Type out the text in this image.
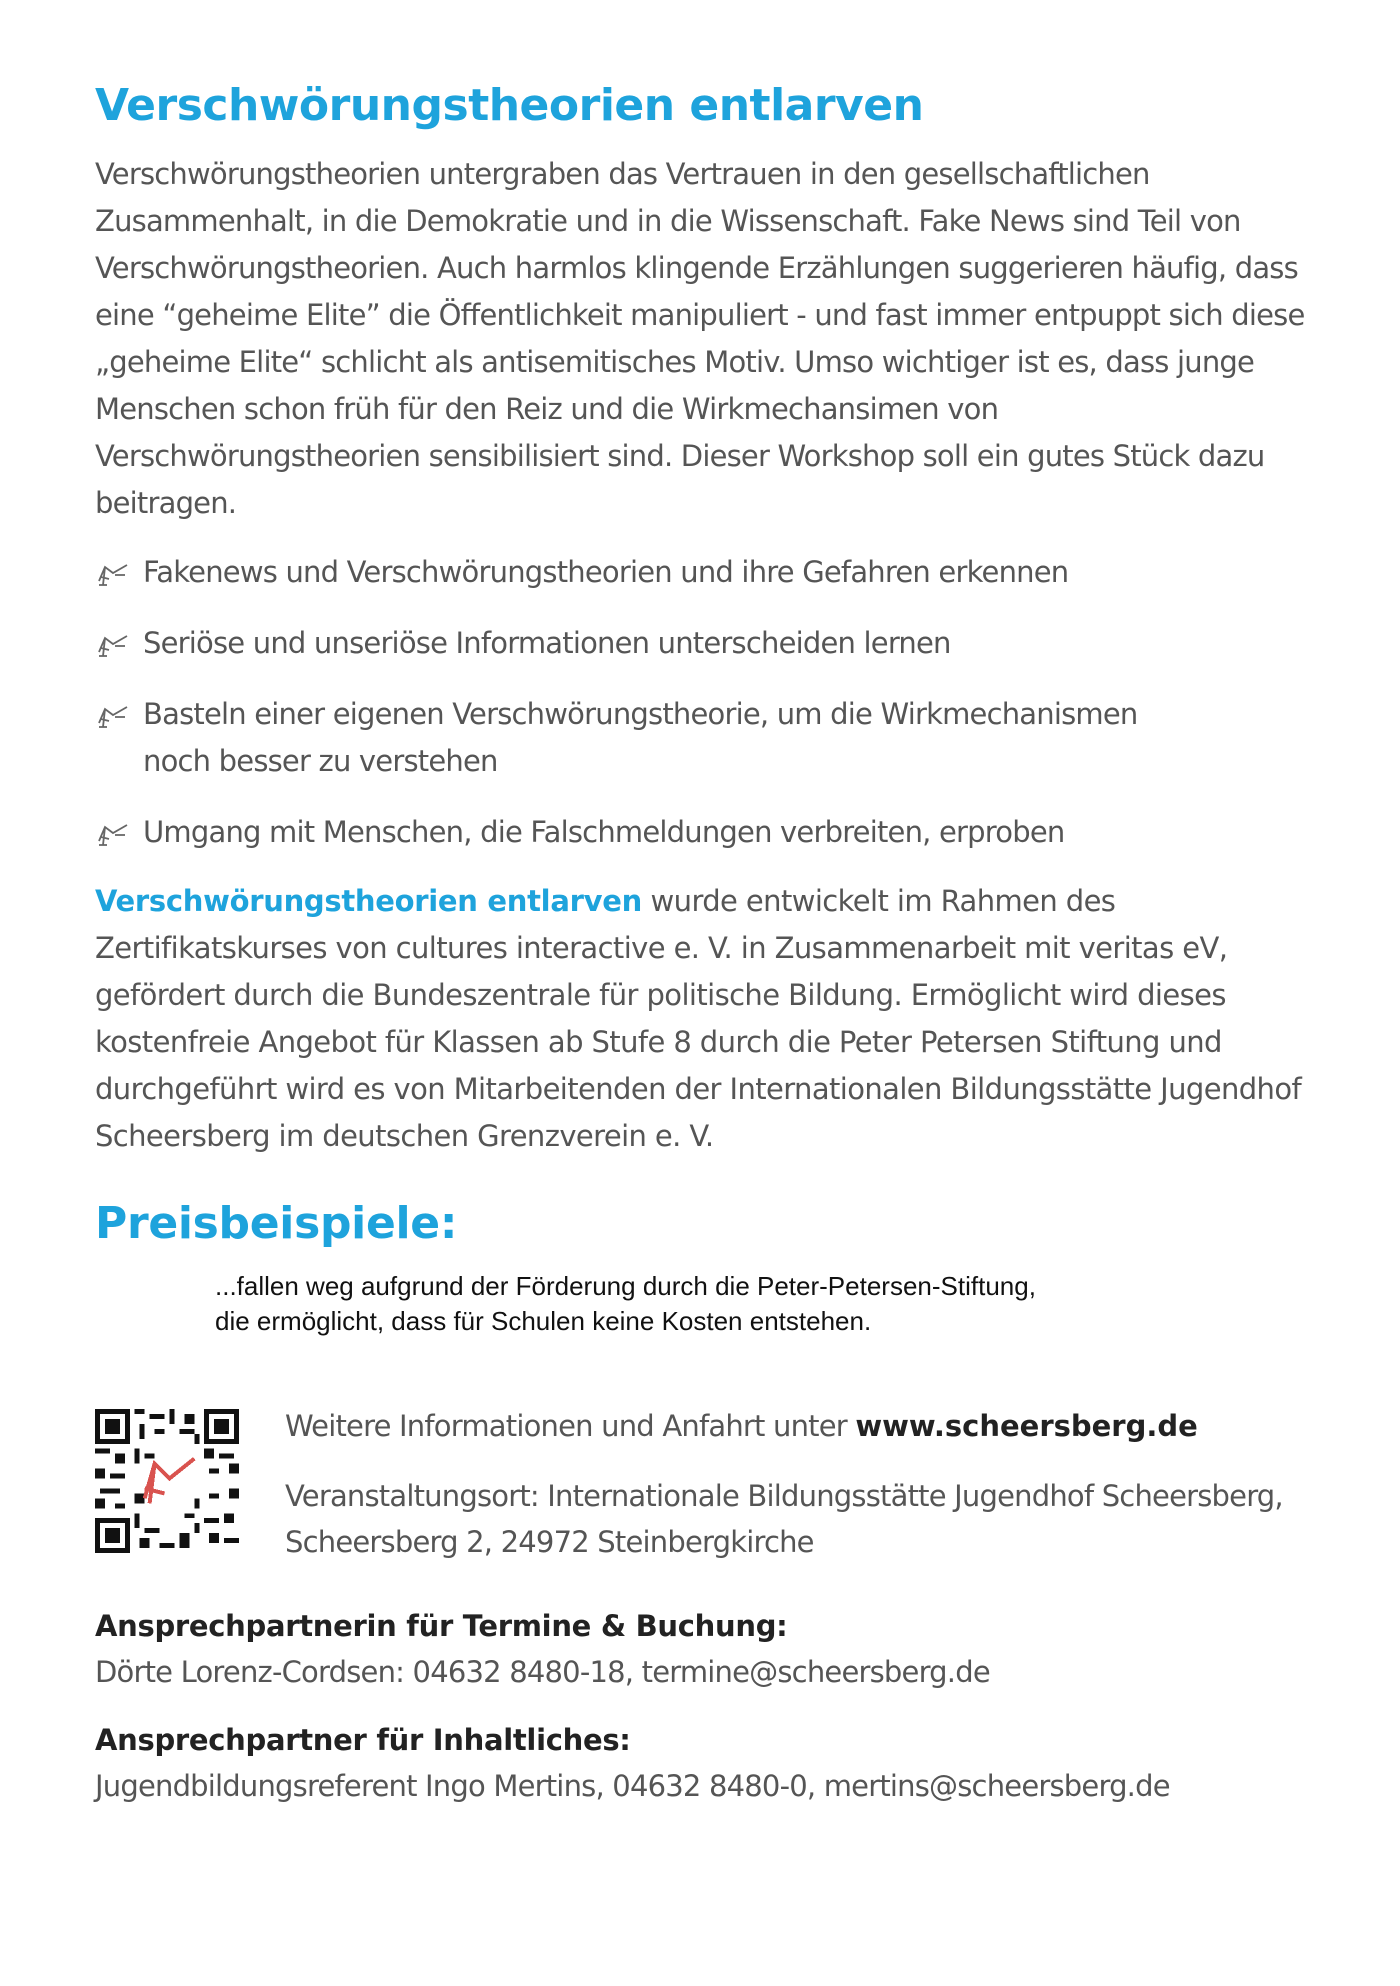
Verschwörungstheorien entlarven

Verschwörungstheorien untergraben das Vertrauen in den gesellschaftlichen Zusammenhalt, in die Demokratie und in die Wissenschaft. Fake News sind Teil von Verschwörungstheorien. Auch harmlos klingende Erzählungen suggerieren häufig, dass eine “geheime Elite” die Öffentlichkeit manipuliert - und fast immer entpuppt sich diese „geheime Elite“ schlicht als antisemitisches Motiv. Umso wichtiger ist es, dass junge Menschen schon früh für den Reiz und die Wirkmechansimen von Verschwörungstheorien sensibilisiert sind. Dieser Workshop soll ein gutes Stück dazu beitragen.

Fakenews und Verschwörungstheorien und ihre Gefahren erkennen
Seriöse und unseriöse Informationen unterscheiden lernen
Basteln einer eigenen Verschwörungstheorie, um die Wirkmechanismen noch besser zu verstehen
Umgang mit Menschen, die Falschmeldungen verbreiten, erproben

Verschwörungstheorien entlarven wurde entwickelt im Rahmen des Zertifikatskurses von cultures interactive e. V. in Zusammenarbeit mit veritas eV, gefördert durch die Bundeszentrale für politische Bildung. Ermöglicht wird dieses kostenfreie Angebot für Klassen ab Stufe 8 durch die Peter Petersen Stiftung und durchgeführt wird es von Mitarbeitenden der Internationalen Bildungsstätte Jugendhof Scheersberg im deutschen Grenzverein e. V.

Preisbeispiele:
...fallen weg aufgrund der Förderung durch die Peter-Petersen-Stiftung,
die ermöglicht, dass für Schulen keine Kosten entstehen.

Weitere Informationen und Anfahrt unter www.scheersberg.de

Veranstaltungsort: Internationale Bildungsstätte Jugendhof Scheersberg,
Scheersberg 2, 24972 Steinbergkirche

Ansprechpartnerin für Termine & Buchung:

Dörte Lorenz-Cordsen: 04632 8480-18, termine@scheersberg.de

Ansprechpartner für Inhaltliches:

Jugendbildungsreferent Ingo Mertins, 04632 8480-0, mertins@scheersberg.de
